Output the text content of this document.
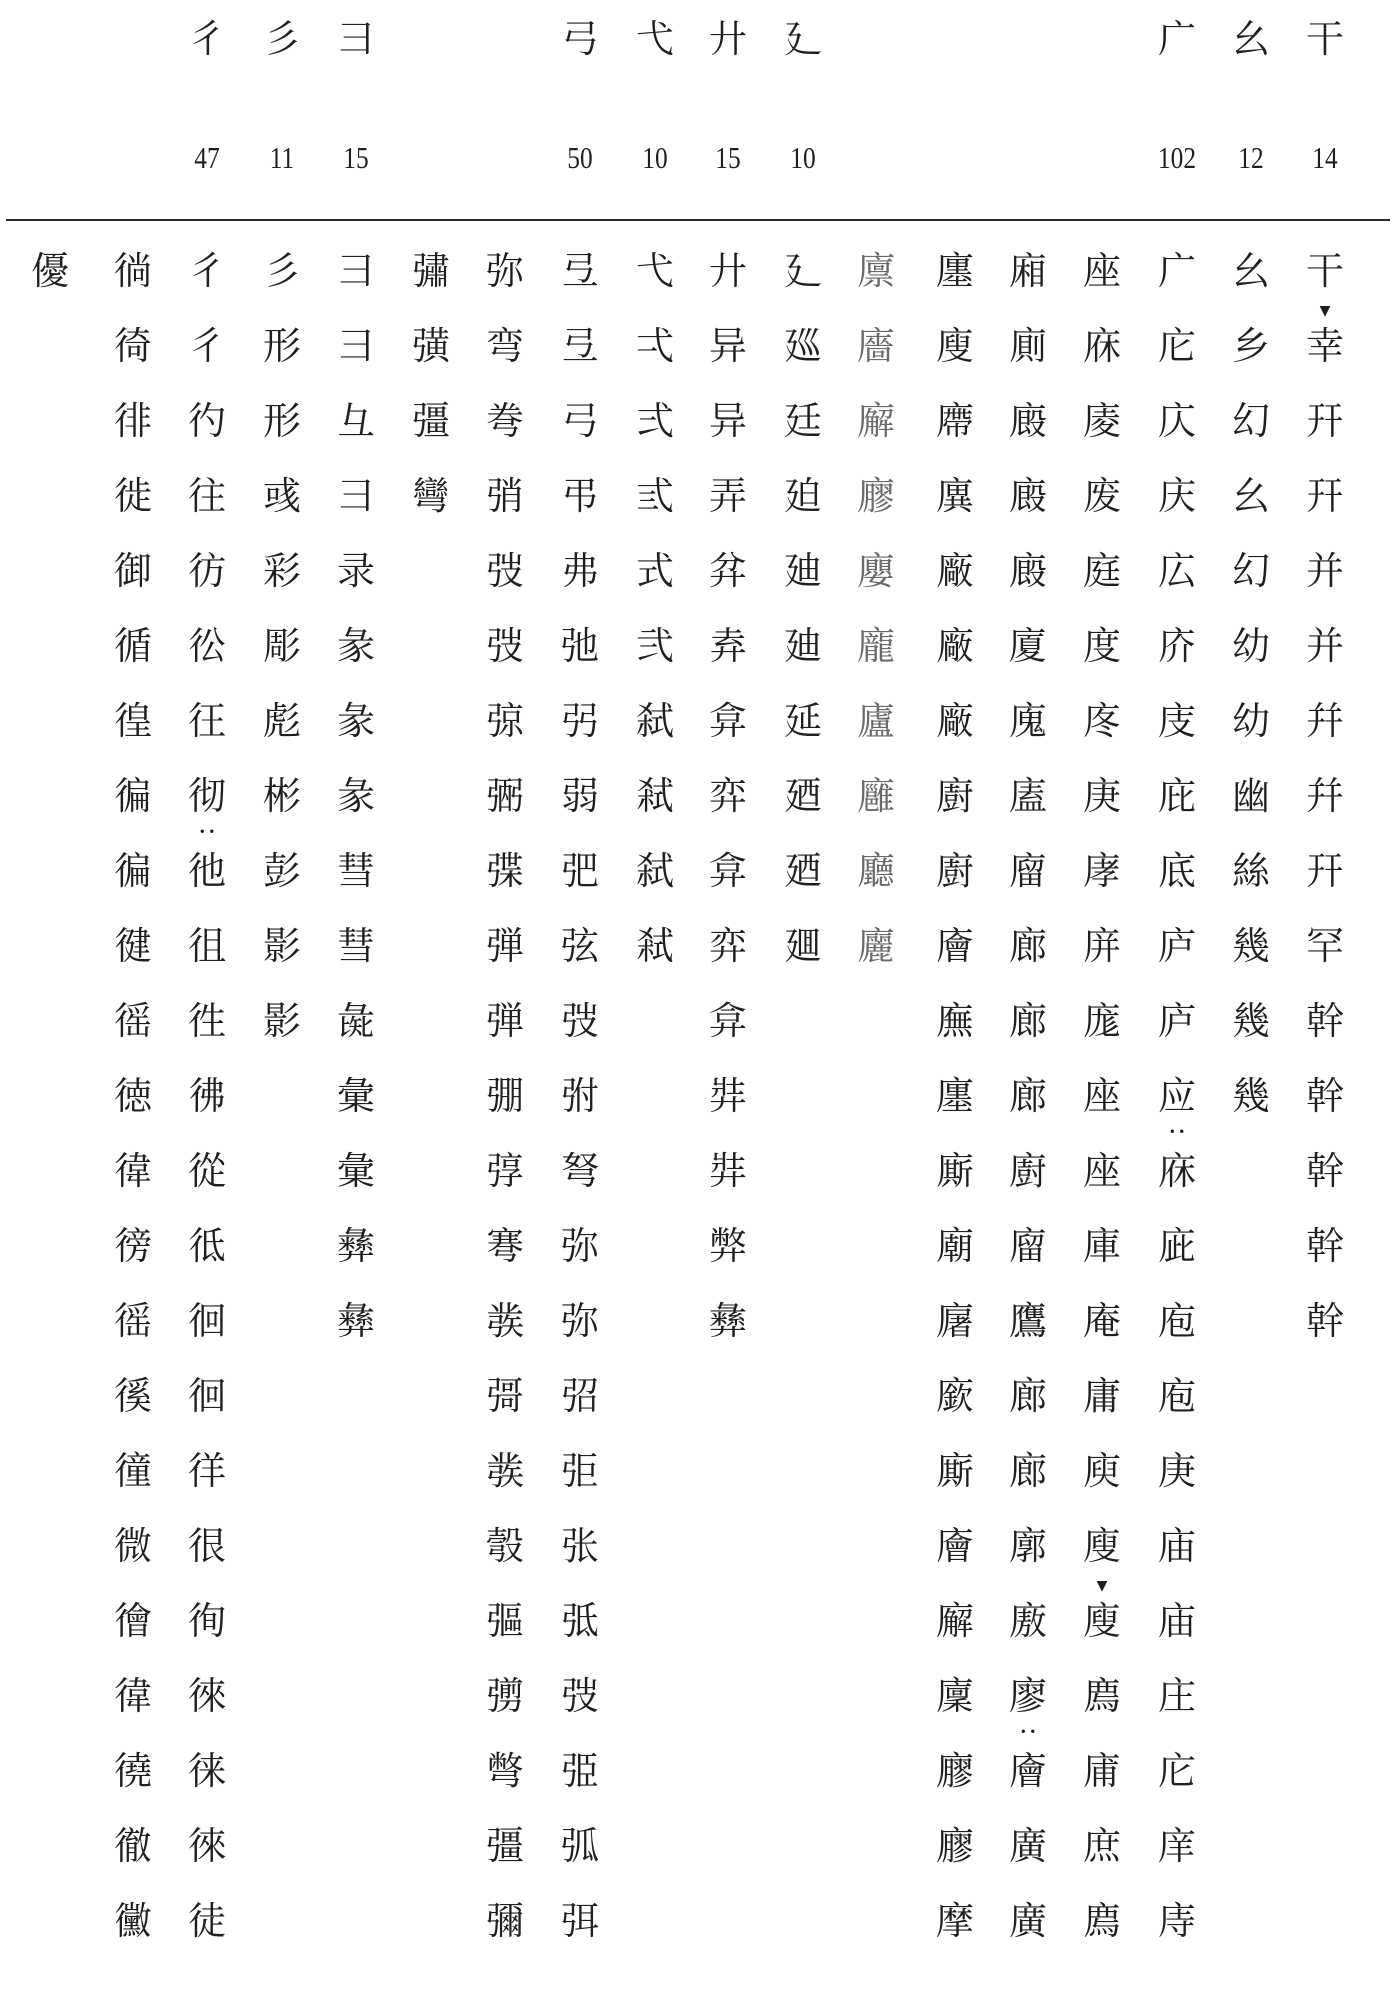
彳
47
彡
11
彐
15
弓
50
弋
10
廾
15
廴
10
广
102
幺
12
干
14
優 徜
徛
徘
徙
御
循
徨
徧
徧
徤
徭
徳
徫
徬
徭
徯
徸
微
徻
徫
徺
徹
黴
彳
彳
彴
往
彷
彸
彺
彻
• • 彵
徂
徃
彿
從
彽
徊
徊
徉
很
徇
徠
徕
徠
徒
彡
形
形
彧
彩
彫
彪
彬
彭
影
影
彐
彐
彑
彐
录
彖
彖
彖
彗
彗
彘
彙
彙
彝
彝
彇
彉
彊
彎
弥
弯
弮
弰
弢
弢
弶
弻
弽
弾
弾
弸
弴
弿
彂
彁
彂
彀
彄
彅
彆
彊
彌
弖
弖
弓
弔
弗
弛
弜
弱
弝
弦
弢
弣
弩
弥
弥
弨
弡
张
弤
弢
弫
弧
弭
弋
弌
弍
弎
式
弐
弑
弒
弑
弒
廾
异
异
弄
弅
弆
弇
弈
弇
弈
弇
弉
弉
弊
彝
廴
廵
廷
廹
廸
廸
延
廼
廼
廽
廪
廧
廨
廫
廮
龐
廬
廱
廳
廲
廛
廋
廗
廙
廠
廠
廠
廚
廚
廥
廡
廛
廝
廟
廜
廞
廝
廥
廨
廩
廫
廫
摩
廂
廁
廄
廄
廄
廈
廆
廅
廇
廊
廊
廊
廚
廇
鷹
廊
廊
廓
廒
廖
• • 廥
廣
廣
座
庥
庱
废
庭
度
庝
庚
庨
庰
庬
座
座
庫
庵
庸
庾
廋
▼ 廋
廌
庯
庶
廌
广
庀
庂
庆
広
庎
庋
庇
底
庐
庐
应
• • 庥
庛
庖
庖
庚
庙
庙
庄
庀
庠
庤
幺
乡
幻
幺
幻
幼
幼
幽
絲
幾
幾
幾
干
▼ 幸
幵
幵
并
并
幷
幷
幵
罕
幹
幹
幹
幹
幹
